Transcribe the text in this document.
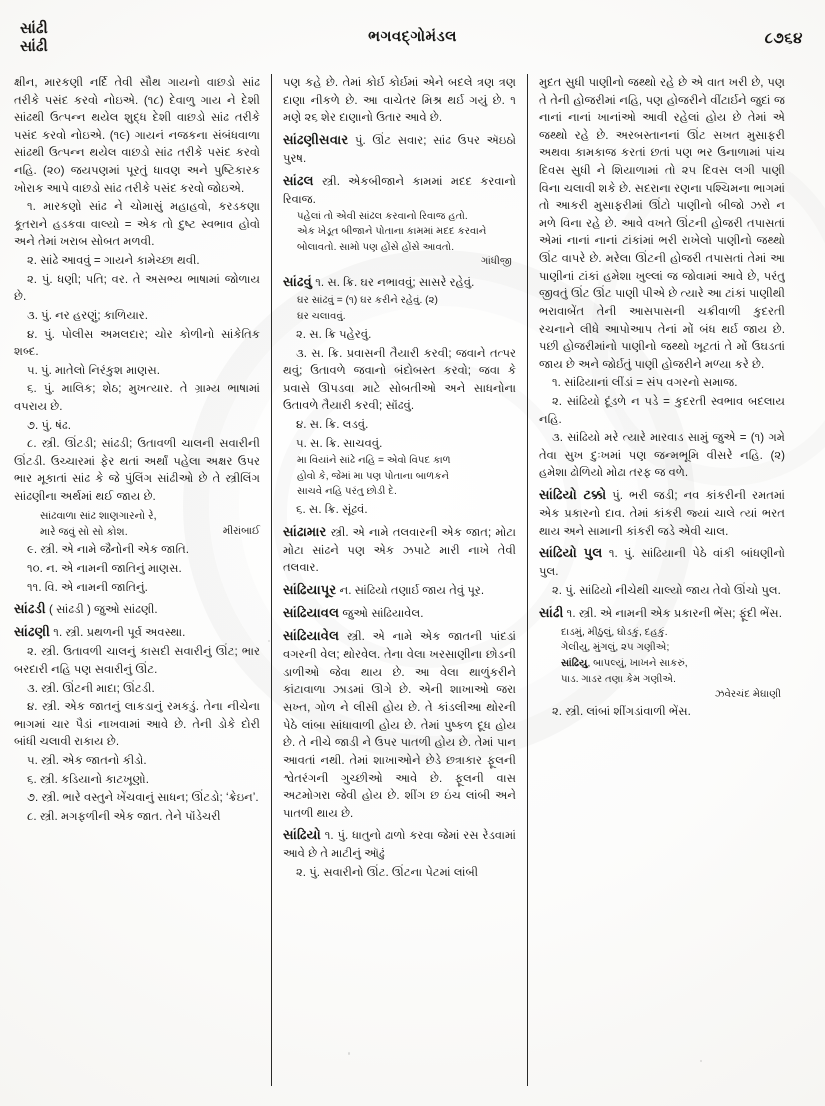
સાંઢી
સાંઢી
ભગવદ્ગોમંડલ	૮૭૬૪

ક્ષીન, મારકણી નર્દિ તેવી સૌથ ગાયનો વાછડો સાંઢ તરીકે પસંદ કરવો નોઇએ. (૧૮) દેવાળુ ગાય ને દેશી સાંઢથી ઉત્પન્ન થયેલ શુદ્ધ દેશી વાછડો સાંઢ તરીકે પસંદ કરવો નોઇએ. (૧૯) ગાયનં નજકના સંબંધવાળા સાંઢથી ઉત્પન્ન થયેલ વાછડો સાંઢ તરીકે પસંદ કરવો નહિ. (૨૦) જયપણમાં પૂરતું ધાવણ અને પુષ્ટિકારક ખોરાક આપે વાછડો સાંઢ તરીકે પસંદ કરવો જોઇએ.

૧. મારકણો સાંઢ ને ચોમાસું મહાહવો, કરડકણા કૂતરાને હડકવા વાલ્યો = એક તો દુષ્ટ સ્વભાવ હોવો અને તેમાં ખરાબ સોબત મળવી.

૨. સાંઢે આવવું = ગાયને કામેચ્છા થવી.

૨. પું. ધણી; પતિ; વર. તે અસભ્ય ભાષામાં જોળાય છે.

૩. પું. નર હરણું; કાળિયાર.

૪. પું. પોલીસ અમલદાર; ચોર કોળીનો સાંકેતિક શબ્દ.

૫. પું. માતેલો નિરંકુશ માણસ.

૬. પું. માલિક; શેઠ; મુખત્યાર. તે ગ્રામ્ય ભાષામાં વપરાય છે.

૭. પું. ષંઢ.

૮. સ્ત્રી. ઊંટડી; સાંઢડી; ઉતાવળી ચાલની સવારીની ઊંટડી. ઉચ્ચારમાં ફેર થતાં અર્થાં પહેલા અક્ષર ઉપર ભાર મૂકાતાં સાંઢ કે જે પુંલિંગ સાંઢીઓ છે તે સ્ત્રીલિંગ સાંઢણીના અર્થમાં થઈ જાય છે.

સાંઢવાળા સાંઢ શાણગારનો રે,
મારે જવું સો સો કોશ.	મીરાંબાઈ

૯. સ્ત્રી. એ નામે જૈનોની એક જાતિ.

૧૦. ન. એ નામની જાતિનું માણસ.

૧૧. વિ. એ નામની જાતિનું.

સાંઢડી ( સાંઢડી ) જુઓ સાંઢણી.

સાંઢણી ૧. સ્ત્રી. પ્રથળની પૂર્વ અવસ્થા.

૨. સ્ત્રી. ઉતાવળી ચાલનું કાસદી સવારીનું ઊંટ; ભાર બરદારી નહિ પણ સવારીનું ઊંટ.

૩. સ્ત્રી. ઊંટની માદા; ઊંટડી.

૪. સ્ત્રી. એક જાતનું લાકડાનું રમકડું. તેના નીચેના ભાગમાં ચાર પૈડાં નાખવામાં આવે છે. તેની ડોકે દોરી બાંધી ચલાવી રાકાય છે.

૫. સ્ત્રી. એક જાતનો કીડો.

૬. સ્ત્રી. કડિયાનો કાટખૂણો.

૭. સ્ત્રી. ભારે વસ્તુને ખેંચવાનું સાધન; ઊંટડો; ‘ક્રેઇન’.

૮. સ્ત્રી. મગફળીની એક જાત. તેને પૉંડેચરી

પણ કહે છે. તેમાં કોર્ઇ કોર્ઇમાં એને બદલે ત્રણ ત્રણ દાણા નીકળે છે. આ વાચેતર મિશ્ર થર્ઇ ગયું છે. ૧ મણે ૨૬ શેર દાણાનો ઉતાર આવે છે.

સાંઢણીસવાર પું. ઊંટ સવાર; સાંઢ ઉપર ઍઇઠો પુરષ.

સાંઢલ સ્ત્રી. એકબીજાને કામમાં મદદ કરવાનો રિવાજ.

પહેલાં તો એવી સાંઢલ કરવાનો રિવાજ હતો.
એક ખેડૂત બીજાને પોતાના કામમાં મદદ કરવાને
બોલાવતો. સામો પણ હોંસે હોંસે આવતો.
ગાંધીજી

સાંઢવું ૧. સ. ક્રિ. ઘર નભાવવું; સાસરે રહેવું.

ઘર સાંઢવું = (૧) ઘર કરીને રહેવું. (૨)
ઘર ચલાવવું.

૨. સ. ક્રિ પહેરવું.

૩. સ. ક્રિ. પ્રવાસની તૈયારી કરવી; જવાને તત્પર થવું; ઉતાવળે જવાનો બંદોબસ્ત કરવો; જવા કે પ્રવાસે ઊપડવા માટે સોબતીઓ અને સાધનોના ઉતાવળે તૈયારી કરવી; સૉંઢવું.

૪. સ. ક્રિ. લડવું.

૫. સ. ક્રિ. સાચવવું.

મા વિયાંને સાંઢે નહિ = એવો વિપદ કાળ
હોવો કે, જેમાં મા પણ પોતાના બાળકને
સાચવે નહિ પરંતુ છોડી દે.

૬. સ. ક્રિ. સૂંઢવં.

સાંઢામાર સ્ત્રી. એ નામે તલવારની એક જાત; મોટા મોટા સાંઢને પણ એક ઝપાટે મારી નાખે તેવી તલવાર.

સાંઢિયાપૂર ન. સાંઢિયો તણાર્ઇ જાય તેવું પૂર.

સાંઢિયાવલ જુઓ સાંઢિયાવેલ.

સાંઢિયાવેલ સ્ત્રી. એ નામે એક જાતની પાંદડાં વગરની વેલ; થોરવેલ. તેના વેલા ખરસાણીના છોડની ડાળીઓ જેવા થાય છે. આ વેલા થાળુંકરીને કાંટાવાળા ઝાડમાં ઊગે છે. એની શાખાઓ જરા સખ્ત, ગોળ ને લીસી હોય છે. તે કાંડલીઆ થોરની પેઠે લાંબા સાંધાવાળી હોય છે. તેમાં પુષ્કળ દૂધ હોય છે. તે નીચે જાડી ને ઉપર પાતળી હોય છે. તેમાં પાન આવતાં નથી. તેમાં શાખાઓને છેડે છત્રાકાર ફૂલની શ્વેતરંગની ગુચ્છીઓ આવે છે. ફૂલની વાસ અટમોગરા જેવી હોય છે. શીંગ છ ઇંચ લાંબી અને પાતળી થાય છે.

સાંઢિયો ૧. પું. ધાતુનો ઢાળો કરવા જેમાં રસ રેડવામાં આવે છે તે માટીનું ઑઢું

૨. પું. સવારીનો ઊંટ. ઊંટના પેટમાં લાંબી

મુદત સુધી પાણીનો જથ્થો રહે છે એ વાત ખરી છે, પણ તે તેની હોજરીમાં નહિ, પણ હોજરીને વીંટાર્ઇને જુદાં જ નાનાં નાનાં ખાનાંઓ આવી રહેલાં હોય છે તેમાં એ જથ્થો રહે છે. અરબસ્તાનનાં ઊંટ સખત મુસાફરી અથવા કામકાજ કરતાં છતાં પણ ભર ઉનાળામાં પાંચ દિવસ સુધી ને શિયાળામાં તો ૨૫ દિવસ લગી પાણી વિના ચલાવી શકે છે. સદરાના રણના પશ્ચિમના ભાગમાં તો આકરી મુસાફરીમાં ઊંટો પાણીનો બીજો ઝરો ન મળે વિના રહે છે. આવે વખતે ઊંટની હોજરી તપાસતાં એમાં નાનાં નાનાં ટાંકાંમાં ભરી રાખેલો પાણીનો જથ્થો ઊંટ વાપરે છે. મરેલા ઊંટની હોજરી તપાસતાં તેમાં આ પાણીનાં ટાંકાં હમેશા ખુલ્લાં જ જોવામાં આવે છે, પરંતુ જીવતું ઊંટ ઊંટ પાણી પીએ છે ત્યારે આ ટાંકાં પાણીથી ભરાવાબેંત તેની આસપાસની ચક્રીવાળી કુદરતી રચનાને લીધે આપોઆપ તેનાં મોં બંધ થર્ઇ જાય છે. પછી હોજરીમાંનો પાણીનો જથ્થો ખૂટતાં તે મોં ઉઘડતાં જાય છે અને જોર્ઇતું પાણી હોજરીને મળ્યા કરે છે.

૧. સાંઢિયાનાં લીંડાં = સંપ વગરનો સમાજ.

૨. સાંઢિયો દૂંડળે ન પડે = કુદરતી સ્વભાવ બદલાય નહિ.

૩. સાંઢિયો મરે ત્યારે મારવાડ સામું જુએ = (૧) ગમે તેવા સુખ દુઃખમાં પણ જન્મભૂમિ વીસરે નહિ. (૨) હમેશા ઢોળિયો મોઢા તરફ જ વળે.

સાંઢિયો ટક્કો પું. ભરી જડી; નવ કાંકરીની રમતમાં એક પ્રકારનો દાવ. તેમાં કાંકરી જ્યાં ચાલે ત્યાં ભરત થાય અને સામાની કાંકરી જડે એવી ચાલ.

સાંઢિયો પુલ ૧. પું. સાંઢિયાની પેઠે વાંકી બાંધણીનો પુલ.

૨. પું. સાંઢિયો નીચેથી ચાલ્યો જાય તેવો ઊંચો પુલ.

સાંઢી ૧. સ્ત્રી. એ નામની એક પ્રકારની ભેંસ; ફૂંદી ભેંસ.

દાડમું, મીઠુલું, ઘોડકું, દહકું.
ગેલીયુ, મુંગલું, ૨૫ ગણીએ;
સાંઢિયુ, બાપલ્યું, ખાખને સાકરું,
પાડ. ગાડર તણા કેમ ગણીએ.
ઝવેરચંદ મેઘાણી

૨. સ્ત્રી. લાંબાં શીંગડાંવાળી ભેંસ.
